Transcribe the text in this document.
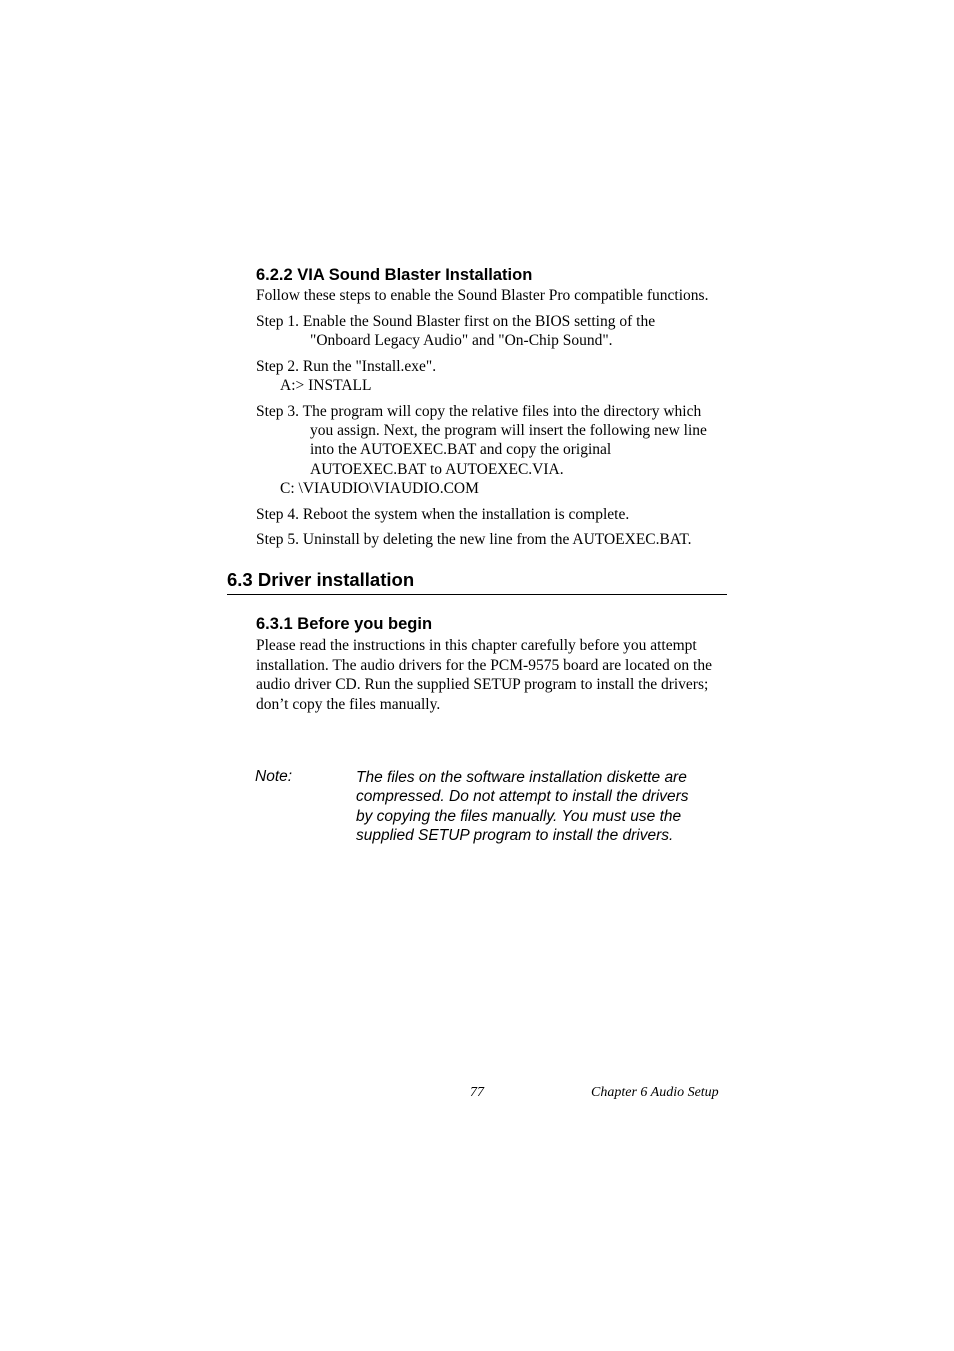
6.2.2 VIA Sound Blaster Installation
Follow these steps to enable the Sound Blaster Pro compatible functions.
Step 1. Enable the Sound Blaster first on the BIOS setting of the
"Onboard Legacy Audio" and "On-Chip Sound".
Step 2. Run the "Install.exe".
A:> INSTALL
Step 3. The program will copy the relative files into the directory which
you assign. Next, the program will insert the following new line
into the AUTOEXEC.BAT and copy the original
AUTOEXEC.BAT to AUTOEXEC.VIA.
C: \VIAUDIO\VIAUDIO.COM
Step 4. Reboot the system when the installation is complete.
Step 5. Uninstall by deleting the new line from the AUTOEXEC.BAT.
6.3 Driver installation
6.3.1 Before you begin
Please read the instructions in this chapter carefully before you attempt installation. The audio drivers for the PCM-9575 board are located on the audio driver CD. Run the supplied SETUP program to install the drivers; don’t copy the files manually.
Note:	The files on the software installation diskette are compressed. Do not attempt to install the drivers by copying the files manually. You must use the supplied SETUP program to install the drivers.
77	Chapter 6 Audio Setup
